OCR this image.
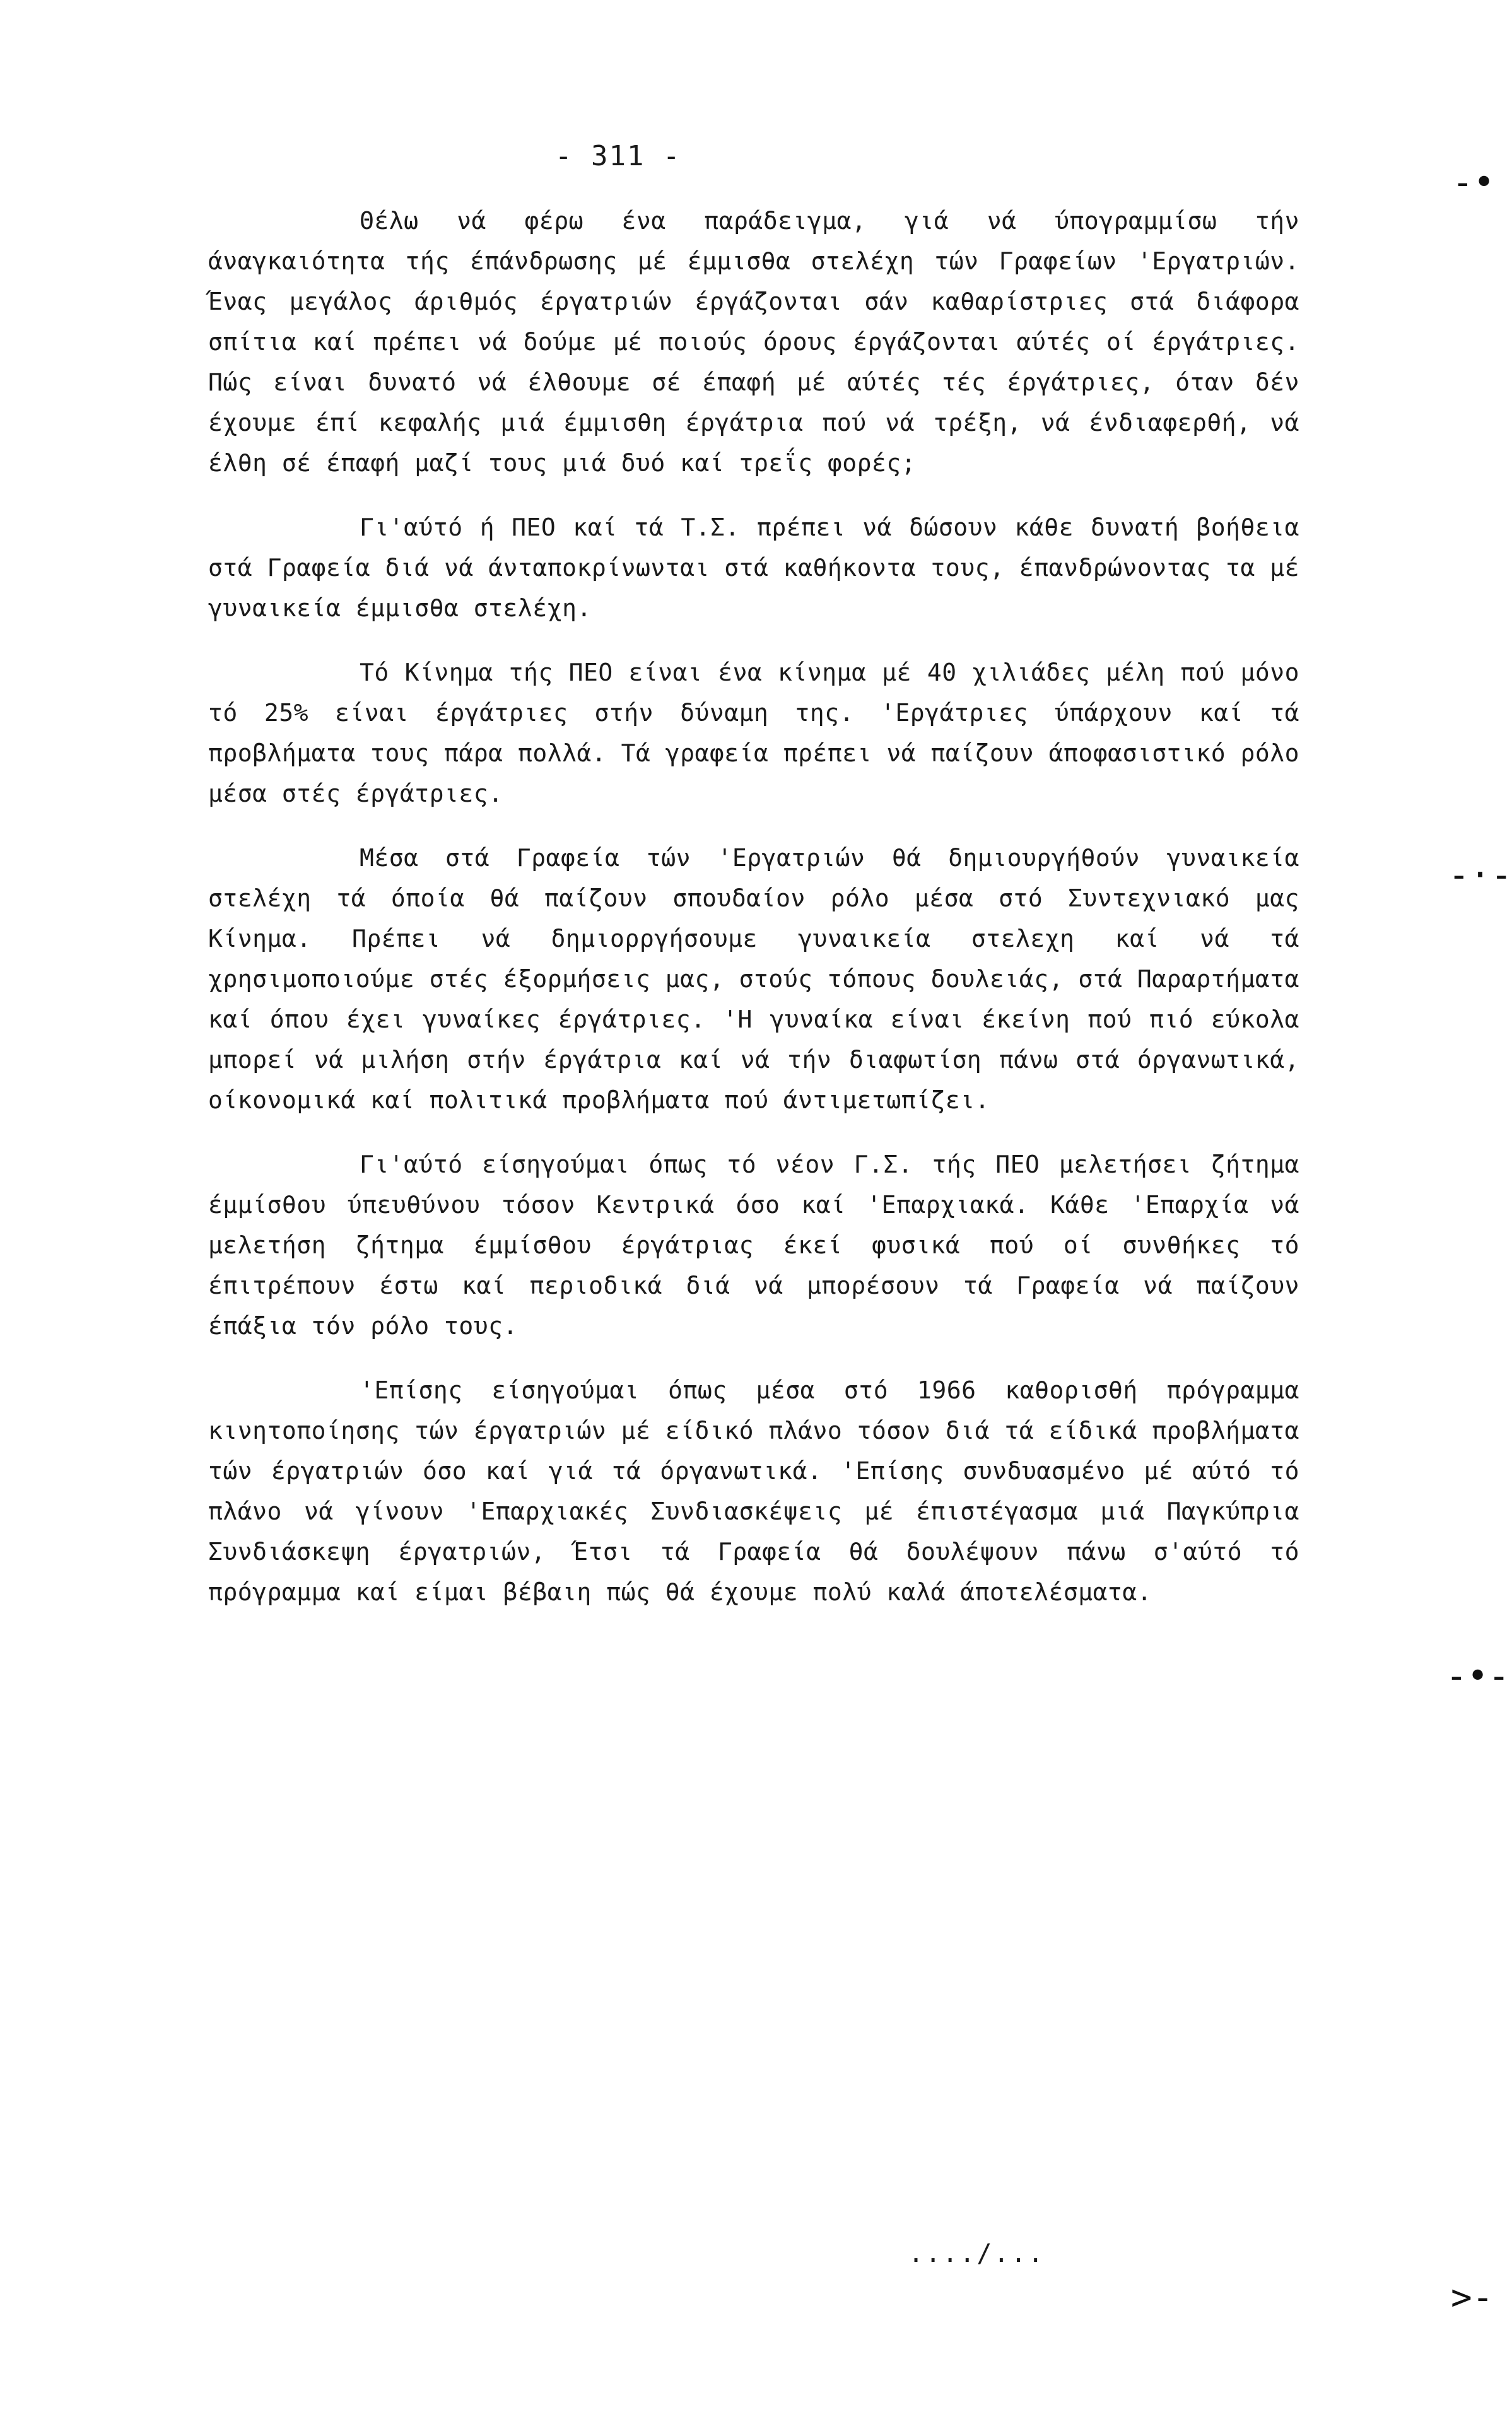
- 311 -

Θέλω νά φέρω ένα παράδειγμα, γιά νά ύπογραμμίσω τήν άναγκαιότητα τής έπάνδρωσης μέ έμμισθα στελέχη τών Γραφείων 'Εργατριών. Ένας μεγάλος άριθμός έργατριών έργάζονται σάν καθαρίστριες στά διάφορα σπίτια καί πρέπει νά δούμε μέ ποιούς όρους έργάζονται αύτές οί έργάτριες. Πώς είναι δυνατό νά έλθουμε σέ έπαφή μέ αύτές τές έργάτριες, όταν δέν έχουμε έπί κεφαλής μιά έμμισθη έργάτρια πού νά τρέξη, νά ένδιαφερθή, νά έλθη σέ έπαφή μαζί τους μιά δυό καί τρεΐς φορές;

Γι'αύτό ή ΠΕΟ καί τά Τ.Σ. πρέπει νά δώσουν κάθε δυνατή βοήθεια στά Γραφεία διά νά άνταποκρίνωνται στά καθήκοντα τους, έπανδρώνοντας τα μέ γυναικεία έμμισθα στελέχη.

Τό Κίνημα τής ΠΕΟ είναι ένα κίνημα μέ 40 χιλιάδες μέλη πού μόνο τό 25% είναι έργάτριες στήν δύναμη της. 'Εργάτριες ύπάρχουν καί τά προβλήματα τους πάρα πολλά. Τά γραφεία πρέπει νά παίζουν άποφασιστικό ρόλο μέσα στές έργάτριες.

Μέσα στά Γραφεία τών 'Εργατριών θά δημιουργήθούν γυναικεία στελέχη τά όποία θά παίζουν σπουδαίον ρόλο μέσα στό Συντεχνιακό μας Κίνημα. Πρέπει νά δημιορργήσουμε γυναικεία στελεχη καί νά τά χρησιμοποιούμε στές έξορμήσεις μας, στούς τόπους δουλειάς, στά Παραρτήματα καί όπου έχει γυναίκες έργάτριες. 'Η γυναίκα είναι έκείνη πού πιό εύκολα μπορεί νά μιλήση στήν έργάτρια καί νά τήν διαφωτίση πάνω στά όργανωτικά, οίκονομικά καί πολιτικά προβλήματα πού άντιμετωπίζει.

Γι'αύτό είσηγούμαι όπως τό νέον Γ.Σ. τής ΠΕΟ μελετήσει ζήτημα έμμίσθου ύπευθύνου τόσον Κεντρικά όσο καί 'Επαρχιακά. Κάθε 'Επαρχία νά μελετήση ζήτημα έμμίσθου έργάτριας έκεί φυσικά πού οί συνθήκες τό έπιτρέπουν έστω καί περιοδικά διά νά μπορέσουν τά Γραφεία νά παίζουν έπάξια τόν ρόλο τους.

'Επίσης είσηγούμαι όπως μέσα στό 1966 καθορισθή πρόγραμμα κινητοποίησης τών έργατριών μέ είδικό πλάνο τόσον διά τά είδικά προβλήματα τών έργατριών όσο καί γιά τά όργανωτικά. 'Επίσης συνδυασμένο μέ αύτό τό πλάνο νά γίνουν 'Επαρχιακές Συνδιασκέψεις μέ έπιστέγασμα μιά Παγκύπρια Συνδιάσκεψη έργατριών, Έτσι τά Γραφεία θά δουλέψουν πάνω σ'αύτό τό πρόγραμμα καί είμαι βέβαιη πώς θά έχουμε πολύ καλά άποτελέσματα.

..../...
-•
-·-
-•-
>-
